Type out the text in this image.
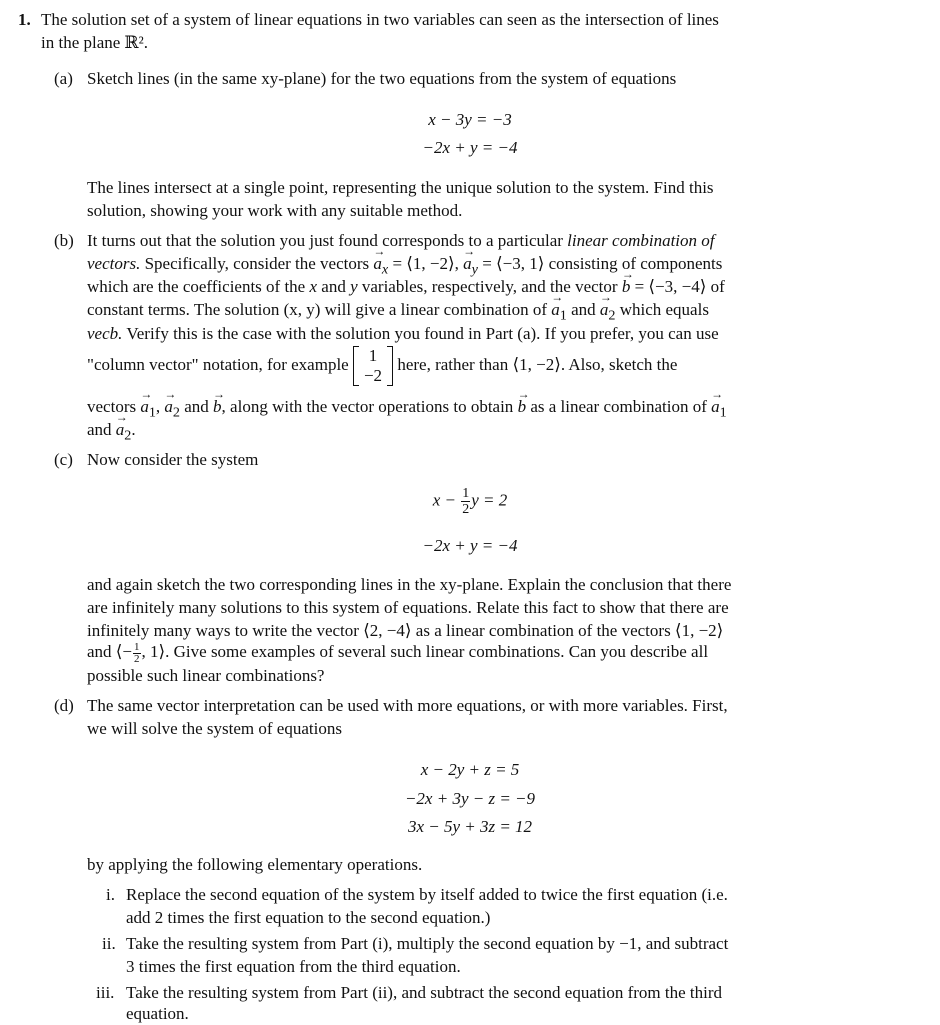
1. The solution set of a system of linear equations in two variables can seen as the intersection of lines
in the plane ℝ².
(a) Sketch lines (in the same xy-plane) for the two equations from the system of equations
x − 3y = −3
−2x + y = −4
The lines intersect at a single point, representing the unique solution to the system. Find this
solution, showing your work with any suitable method.
(b) It turns out that the solution you just found corresponds to a particular linear combination of
vectors. Specifically, consider the vectors → $a_x$ = ⟨1, −2⟩, → $a_y$ = ⟨−3, 1⟩ consisting of components
which are the coefficients of the x and y variables, respectively, and the vector → b = ⟨−3, −4⟩ of
constant terms. The solution (x, y) will give a linear combination of → $a_1$ and → $a_2$ which equals
vecb. Verify this is the case with the solution you found in Part (a). If you prefer, you can use
"column vector" notation, for example 1
−2
here, rather than ⟨1, −2⟩. Also, sketch the
vectors → $a_1$, → $a_2$ and → b, along with the vector operations to obtain → b as a linear combination of → $a_1$
and → $a_2$.
(c) Now consider the system
$x - \frac{1}{2}$ y = 2
−2x + y = −4
and again sketch the two corresponding lines in the xy-plane. Explain the conclusion that there
are infinitely many solutions to this system of equations. Relate this fact to show that there are
infinitely many ways to write the vector ⟨2, −4⟩ as a linear combination of the vectors ⟨1, −2⟩
and ⟨− $\frac{1}{2}$ , 1⟩. Give some examples of several such linear combinations. Can you describe all
possible such linear combinations?
(d) The same vector interpretation can be used with more equations, or with more variables. First,
we will solve the system of equations
x − 2y + z = 5
−2x + 3y − z = −9
3x − 5y + 3z = 12
by applying the following elementary operations.
i. Replace the second equation of the system by itself added to twice the first equation (i.e.
add 2 times the first equation to the second equation.)
ii. Take the resulting system from Part (i), multiply the second equation by −1, and subtract
3 times the first equation from the third equation.
iii. Take the resulting system from Part (ii), and subtract the second equation from the third
equation.
